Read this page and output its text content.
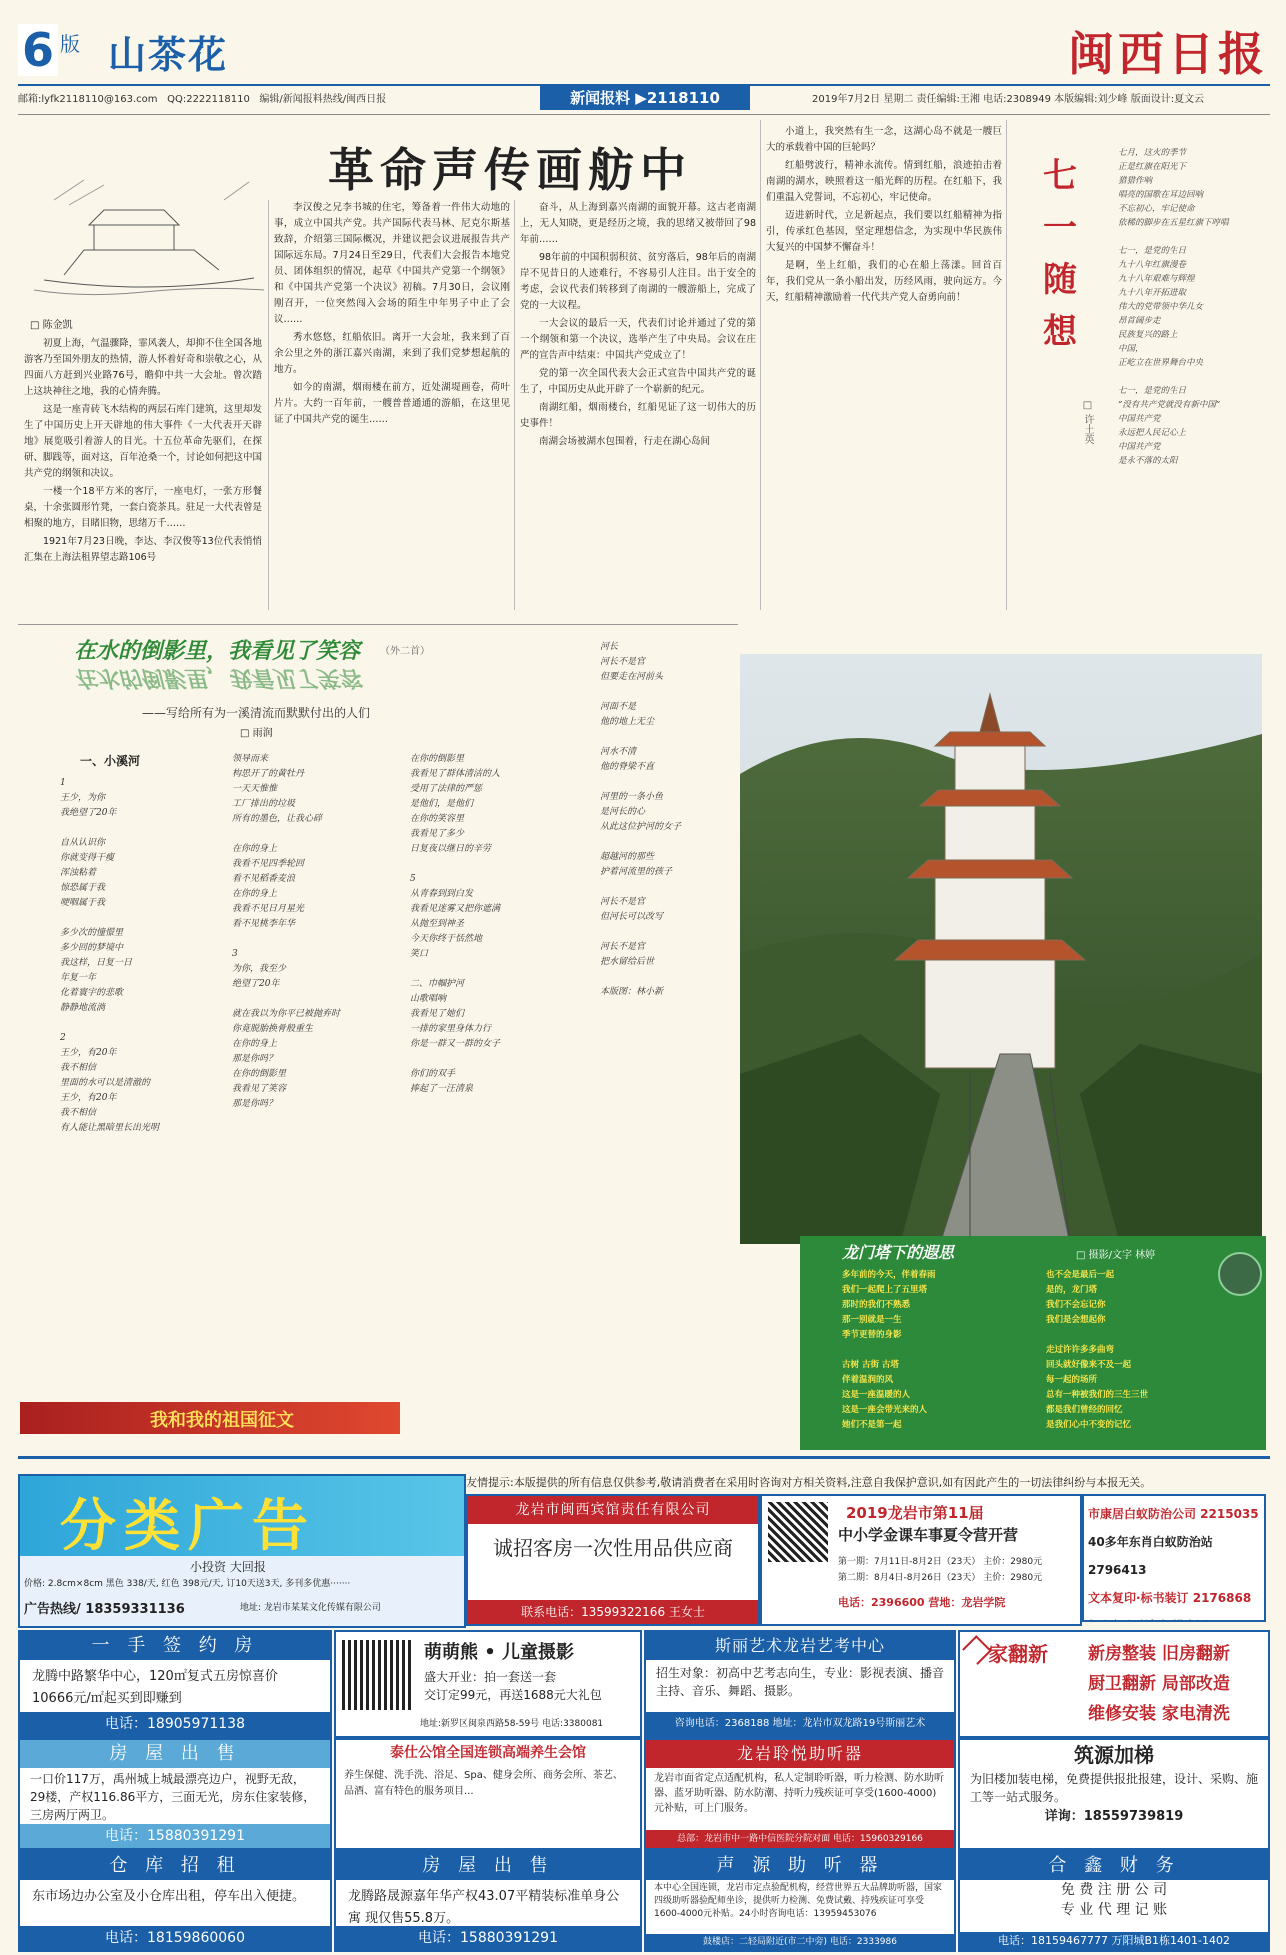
6 版 山茶花	闽西日报
邮箱:lyfk2118110@163.com QQ:2222118110 编辑/新闻报料热线/闽西日报	2019年7月2日 星期二 责任编辑:王湘 电话:2308949 本版编辑:刘少峰 版面设计:夏文云
新闻报料 ▶2118110
革命声传画舫中
□ 陈金凯

初夏上海，气温骤降，霏风袭人，却抑不住全国各地游客乃至国外朋友的热情，游人怀着好奇和崇敬之心，从四面八方赶到兴业路76号，瞻仰中共一大会址。曾次踏上这块神往之地，我的心情奔腾。

这是一座青砖飞木结构的两层石库门建筑，这里却发生了中国历史上开天辟地的伟大事件《一大代表开天辟地》展览吸引着游人的目光。十五位革命先驱们，在探研、脚践等，面对这，百年沧桑一个，讨论如何把这中国共产党的纲领和决议。

一楼一个18平方米的客厅，一座电灯，一张方形餐桌，十余张圆形竹凳，一套白瓷茶具。驻足一大代表曾是相聚的地方，目睹旧物，思绪万千……

1921年7月23日晚，李达、李汉俊等13位代表悄悄汇集在上海法租界望志路106号

李汉俊之兄李书城的住宅，筹备着一件伟大动地的事，成立中国共产党。共产国际代表马林、尼克尔斯基致辞，介绍第三国际概况，并建议把会议进展报告共产国际远东局。7月24日至29日，代表们大会报告本地党员、团体组织的情况，起草《中国共产党第一个纲领》和《中国共产党第一个决议》初稿。7月30日，会议刚刚召开，一位突然闯入会场的陌生中年男子中止了会议……

秀水悠悠，红船依旧。离开一大会址，我来到了百余公里之外的浙江嘉兴南湖，来到了我们党梦想起航的地方。

如今的南湖，烟雨楼在前方，近处湖堤画卷，荷叶片片。大约一百年前，一艘普普通通的游船，在这里见证了中国共产党的诞生……

奋斗，从上海到嘉兴南湖的面貌开幕。这古老南湖上，无人知晓，更是经历之境，我的思绪又被带回了98年前……

98年前的中国积弱积贫、贫穷落后，98年后的南湖岸不见昔日的人迹难行，不容易引人注目。出于安全的考虑，会议代表们转移到了南湖的一艘游船上，完成了党的一大议程。

一大会议的最后一天，代表们讨论并通过了党的第一个纲领和第一个决议，选举产生了中央局。会议在庄严的宣告声中结束：中国共产党成立了！

党的第一次全国代表大会正式宣告中国共产党的诞生了，中国历史从此开辟了一个崭新的纪元。

南湖红船，烟雨楼台，红船见证了这一切伟大的历史事件！

南湖会场被湖水包围着，行走在湖心岛间

小道上，我突然有生一念，这湖心岛不就是一艘巨大的承载着中国的巨轮吗？

红船劈波行，精神永流传。情到红船，浪迹拍击着南湖的湖水，映照着这一船光辉的历程。在红船下，我们重温入党誓词，不忘初心，牢记使命。

迈进新时代，立足新起点，我们要以红船精神为指引，传承红色基因，坚定理想信念，为实现中华民族伟大复兴的中国梦不懈奋斗！

是啊，坐上红船，我们的心在船上荡漾。回首百年，我们党从一条小船出发，历经风雨，驶向远方。今天，红船精神激励着一代代共产党人奋勇向前！

七一随想
□ 许土英
七月，这火的季节
正是红旗在阳光下
猎猎作响
唱亮的国歌在耳边回响
不忘初心，牢记使命
依稀的脚步在五星红旗下哼唱

七一，是党的生日
九十八年红旗漫卷
九十八年艰难与辉煌
九十八年开拓进取
伟大的党带领中华儿女
昂首阔步走
民族复兴的路上
中国，
正屹立在世界舞台中央

七一，是党的生日
“没有共产党就没有新中国”
中国共产党
永远把人民记心上
中国共产党
是永不落的太阳
在水的倒影里，我看见了笑容
在水的倒影里，我看见了笑容
（外二首）
——写给所有为一溪清流而默默付出的人们
□ 雨润
一、小溪河
1
王少，为你
我绝望了20年

自从认识你
你就变得干瘦
浑浊粘着
惊恐属于我
哽咽属于我

多少次的憧憬里
多少回的梦境中
我这样，日复一日
年复一年
化着寰宇的悲歌
静静地流淌

2
王少，有20年
我不相信
里面的水可以是清澈的
王少，有20年
我不相信
有人能让黑暗里长出光明
领导而来
构思开了的黄牡丹
一天天惟惟
工厂排出的垃圾
所有的墨色，让我心碎

在你的身上
我看不见四季轮回
看不见稻香麦浪
在你的身上
我看不见日月星光
看不见桃李年华

3
为你，我至少
绝望了20年

就在我以为你平已被抛弃时
你竟脱胎换骨般重生
在你的身上
那是你吗？
在你的倒影里
我看见了笑容
那是你吗？
在你的倒影里
我看见了群体清洁的人
受用了法律的严惩
是他们，是他们
在你的笑容里
我看见了多少
日复夜以继日的辛劳

5
从青春到到白发
我看见迷雾又把你遮满
从抛至到神圣
今天你终于恬然地
笑口

二、巾帼护河
山歌唱响
我看见了她们
一排的家里身体力行
你是一群又一群的女子

你们的双手
捧起了一汪清泉
河长
河长不是官
但要走在河前头

河面不是
他的地上无尘

河水不清
他的脊梁不直

河里的一条小鱼
是河长的心
从此这位护河的女子

超越河的那些
护着河流里的孩子

河长不是官
但河长可以改写

河长不是官
把水留给后世

本版图：林小新
龙门塔下的遐思	□ 摄影/文字 林婷
多年前的今天，伴着春雨
我们一起爬上了五里塔
那时的我们不熟悉
那一别就是一生
季节更替的身影

古树 古街 古塔
伴着温润的风
这是一座温暖的人
这是一座会带光来的人
她们不是第一起
也不会是最后一起
是的，龙门塔
我们不会忘记你
我们是会想起你

走过许许多多曲弯
回头就好像来不及一起
每一起的场所
总有一种被我们的三生三世
都是我们曾经的回忆
是我们心中不变的记忆
我和我的祖国征文
分类广告
小投资 大回报
价格: 2.8cm×8cm 黑色 338/天, 红色 398元/天, 订10天送3天, 多刊多优惠·······
广告热线/ 18359331136	地址: 龙岩市某某文化传媒有限公司
友情提示:本版提供的所有信息仅供参考,敬请消费者在采用时咨询对方相关资料,注意自我保护意识,如有因此产生的一切法律纠纷与本报无关。
龙岩市闽西宾馆责任有限公司
诚招客房一次性用品供应商
联系电话：13599322166 王女士
2019龙岩市第11届
中小学金课车事夏令营开营
第一期：7月11日-8月2日（23天） 主价：2980元
第二期：8月4日-8月26日（23天） 主价：2980元
电话：2396600 营地：龙岩学院
市康居白蚁防治公司 2215035
40多年东肖白蚁防治站 2796413
文本复印·标书装订 2176868
一 手 签 约 房
龙腾中路繁华中心，120㎡复式五房惊喜价10666元/㎡起买到即赚到
电话：18905971138
萌萌熊 • 儿童摄影
盛大开业：拍一套送一套
交订定99元，再送1688元大礼包
地址:新罗区闽泉西路58-59号 电话:3380081
斯丽艺术龙岩艺考中心
招生对象：初高中艺考志向生，专业：影视表演、播音主持、音乐、舞蹈、摄影。
咨询电话：2368188 地址：龙岩市双龙路19号斯丽艺术
家翻新 新房整装 旧房翻新
厨卫翻新 局部改造
维修安装 家电清洗
房 屋 出 售
一口价117万，禹州城上城最漂亮边户，视野无敌，29楼，产权116.86平方，三面无光，房东住家装修，三房两厅两卫。
电话：15880391291
泰仕公馆全国连锁高端养生会馆
养生保健、洗手洗、浴足、Spa、健身会所、商务会所、茶艺、品酒、富有特色的服务项目...
龙岩聆悦助听器
龙岩市面省定点适配机构，私人定制聆听器，听力检测、防水助听器、蓝牙助听器、防水防潮、持听力残疾证可享受(1600-4000)元补贴，可上门服务。
总部：龙岩市中一路中信医院分院对面 电话：15960329166
筑源加梯
为旧楼加装电梯，免费提供报批报建，设计、采购、施工等一站式服务。
详询：18559739819
仓 库 招 租
东市场边办公室及小仓库出租，停车出入便捷。
电话：18159860060
房 屋 出 售
龙腾路晟源嘉年华产权43.07平精装标准单身公寓 现仅售55.8万。
电话：15880391291
声 源 助 听 器
本中心全国连锁，龙岩市定点验配机构，经营世界五大品牌助听器，国家四级助听器验配师坐诊，提供听力检测、免费试戴、持残疾证可享受1600-4000元补贴。24小时咨询电话：13959453076
鼓楼店：二轻局附近(市二中旁) 电话：2333986
合 鑫 财 务
免 费 注 册 公 司
专 业 代 理 记 账
电话：18159467777 万阳城B1栋1401-1402
